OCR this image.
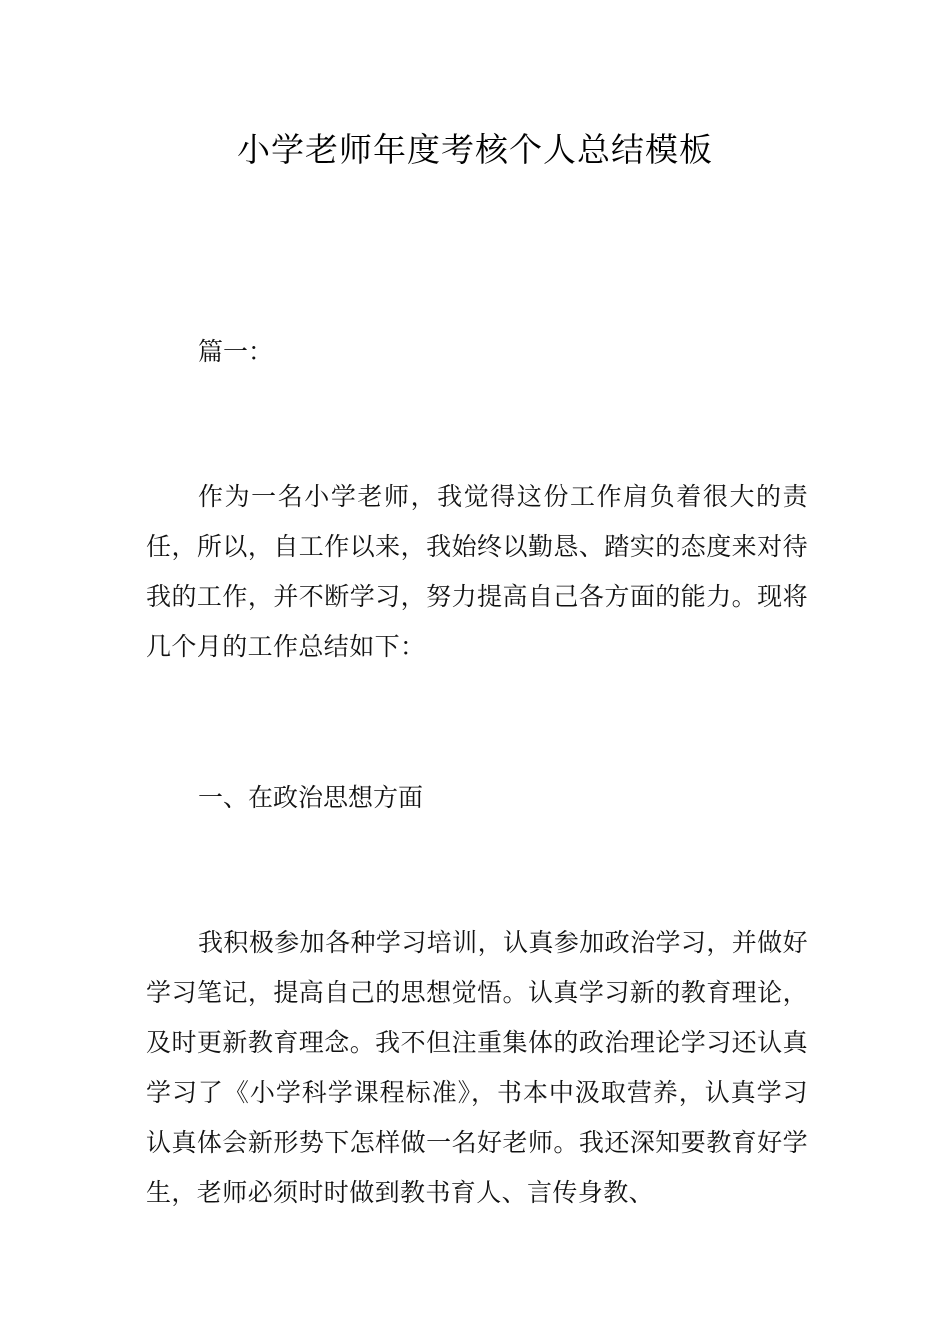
小学老师年度考核个人总结模板
篇一：

作为一名小学老师，我觉得这份工作肩负着很大的责任，所以，自工作以来，我始终以勤恳、踏实的态度来对待我的工作，并不断学习，努力提高自己各方面的能力。现将几个月的工作总结如下：

一、在政治思想方面

我积极参加各种学习培训，认真参加政治学习，并做好学习笔记，提高自己的思想觉悟。认真学习新的教育理论，及时更新教育理念。我不但注重集体的政治理论学习还认真学习了《小学科学课程标准》，书本中汲取营养，认真学习认真体会新形势下怎样做一名好老师。我还深知要教育好学生，老师必须时时做到教书育人、言传身教、
